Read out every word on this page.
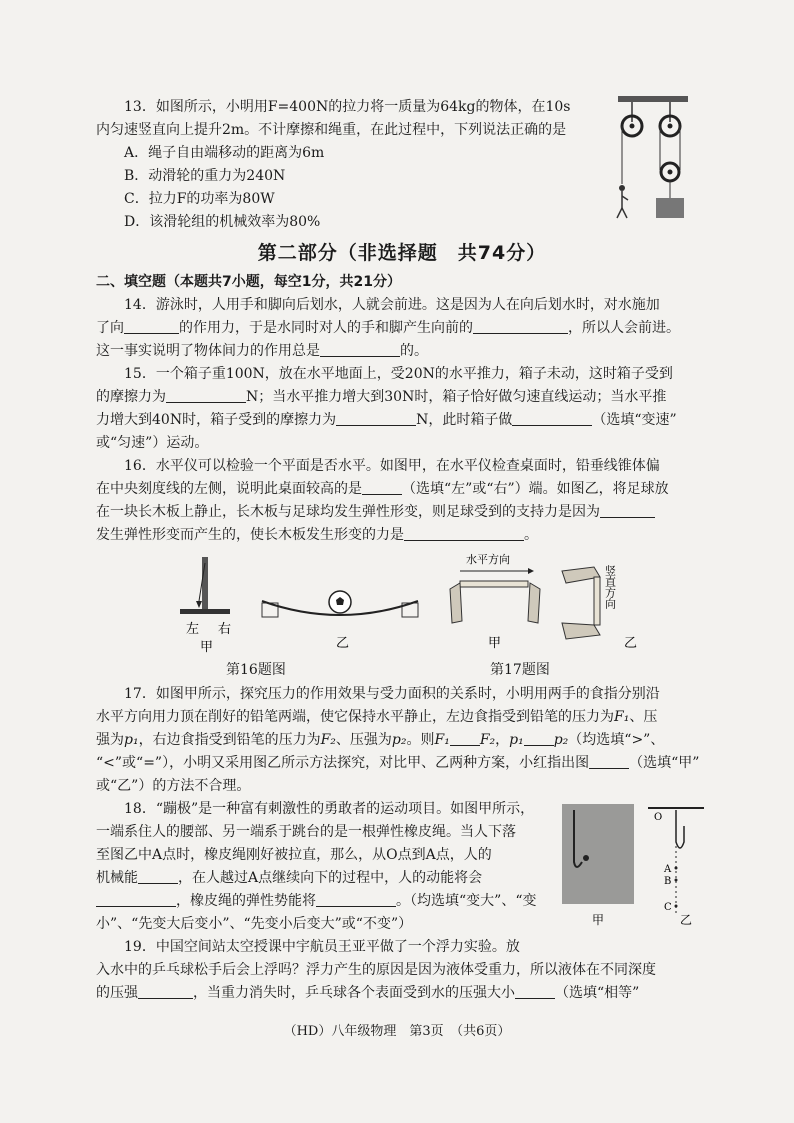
13．如图所示，小明用F=400N的拉力将一质量为64kg的物体，在10s

内匀速竖直向上提升2m。不计摩擦和绳重，在此过程中，下列说法正确的是

A．绳子自由端移动的距离为6m

B．动滑轮的重力为240N

C．拉力F的功率为80W

D．该滑轮组的机械效率为80%

第二部分（非选择题　共74分）

二、填空题（本题共7小题，每空1分，共21分）

14．游泳时，人用手和脚向后划水，人就会前进。这是因为人在向后划水时，对水施加

了向	的作用力，于是水同时对人的手和脚产生向前的	，所以人会前进。

这一事实说明了物体间力的作用总是	的。

15．一个箱子重100N，放在水平地面上，受20N的水平推力，箱子未动，这时箱子受到

的摩擦力为	N；当水平推力增大到30N时，箱子恰好做匀速直线运动；当水平推

力增大到40N时，箱子受到的摩擦力为	N，此时箱子做	（选填“变速”

或“匀速”）运动。

16．水平仪可以检验一个平面是否水平。如图甲，在水平仪检查桌面时，铅垂线锥体偏

在中央刻度线的左侧，说明此桌面较高的是	（选填“左”或“右”）端。如图乙，将足球放

在一块长木板上静止，长木板与足球均发生弹性形变，则足球受到的支持力是因为

发生弹性形变而产生的，使长木板发生形变的力是	。

左 右
甲	乙
第16题图
水平方向
甲
竖直方向
乙
第17题图

17．如图甲所示，探究压力的作用效果与受力面积的关系时，小明用两手的食指分别沿

水平方向用力顶在削好的铅笔两端，使它保持水平静止，左边食指受到铅笔的压力为F₁、压

强为p₁，右边食指受到铅笔的压力为F₂、压强为p₂。则F₁ F₂，p₁ p₂（均选填“>”、

“<”或“=”），小明又采用图乙所示方法探究，对比甲、乙两种方案，小红指出图	（选填“甲”

或“乙”）的方法不合理。

18．“蹦极”是一种富有刺激性的勇敢者的运动项目。如图甲所示，

一端系住人的腰部、另一端系于跳台的是一根弹性橡皮绳。当人下落

至图乙中A点时，橡皮绳刚好被拉直，那么，从O点到A点，人的

机械能	，在人越过A点继续向下的过程中，人的动能将会

，橡皮绳的弹性势能将	。（均选填“变大”、“变

小”、“先变大后变小”、“先变小后变大”或“不变”）	甲
O
A
B
C
乙

19．中国空间站太空授课中宇航员王亚平做了一个浮力实验。放

入水中的乒乓球松手后会上浮吗？浮力产生的原因是因为液体受重力，所以液体在不同深度

的压强	，当重力消失时，乒乓球各个表面受到水的压强大小	（选填“相等”

（HD）八年级物理　第3页　（共6页）
